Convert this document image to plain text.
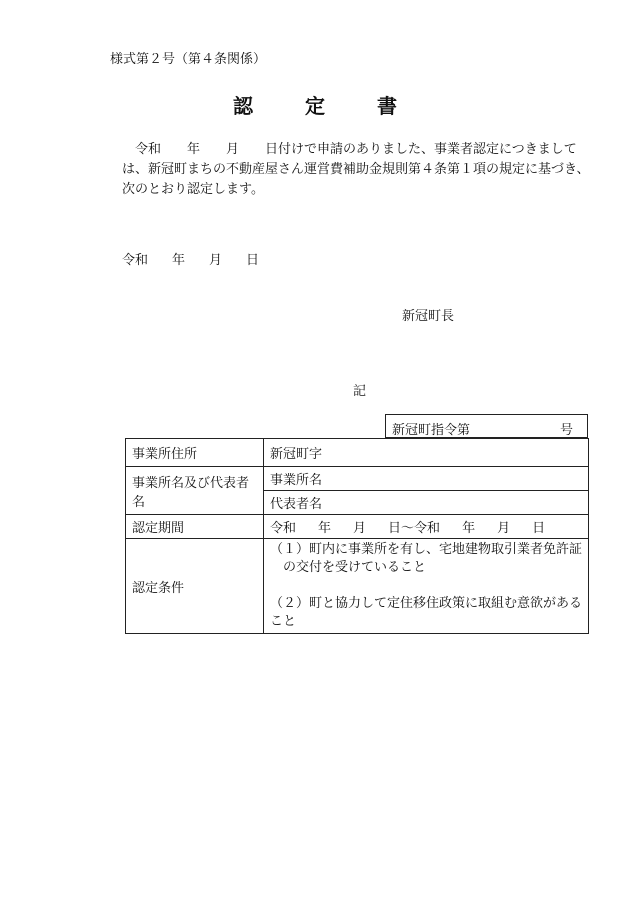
様式第２号（第４条関係）
認	定	書
令和　　年　　月　　日付けで申請のありました、事業者認定につきましては、新冠町まちの不動産屋さん運営費補助金規則第４条第１項の規定に基づき、次のとおり認定します。
令和 年 月 日
新冠町長
記
新冠町指令第	号
事業所住所	新冠町字
事業所名及び代表者名	事業所名
	代表者名
認定期間	令和 年 月 日〜令和 年 月 日
認定条件	（１）町内に事業所を有し、宅地建物取引業者免許証の交付を受けていること
（２）町と協力して定住移住政策に取組む意欲があること
